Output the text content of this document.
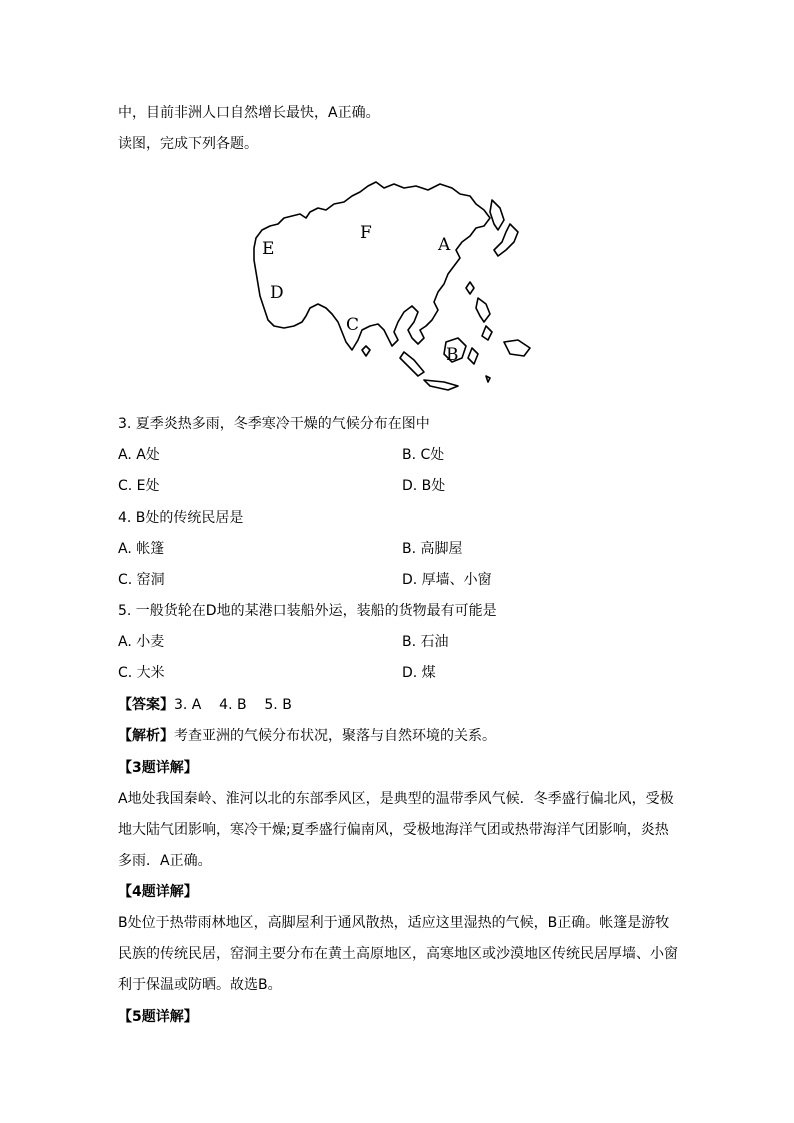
中，目前非洲人口自然增长最快，A正确。
读图，完成下列各题。
E
F
A
D
C
B
3. 夏季炎热多雨，冬季寒冷干燥的气候分布在图中
A. A处	B. C处
C. E处	D. B处
4. B处的传统民居是
A. 帐篷	B. 高脚屋
C. 窑洞	D. 厚墙、小窗
5. 一般货轮在D地的某港口装船外运，装船的货物最有可能是
A. 小麦	B. 石油
C. 大米	D. 煤
【答案】3. A    4. B    5. B
【解析】考查亚洲的气候分布状况，聚落与自然环境的关系。
【3题详解】
A地处我国秦岭、淮河以北的东部季风区，是典型的温带季风气候．冬季盛行偏北风，受极
地大陆气团影响，寒冷干燥;夏季盛行偏南风，受极地海洋气团或热带海洋气团影响，炎热
多雨．A正确。
【4题详解】
B处位于热带雨林地区，高脚屋利于通风散热，适应这里湿热的气候，B正确。帐篷是游牧
民族的传统民居，窑洞主要分布在黄土高原地区，高寒地区或沙漠地区传统民居厚墙、小窗
利于保温或防晒。故选B。
【5题详解】
